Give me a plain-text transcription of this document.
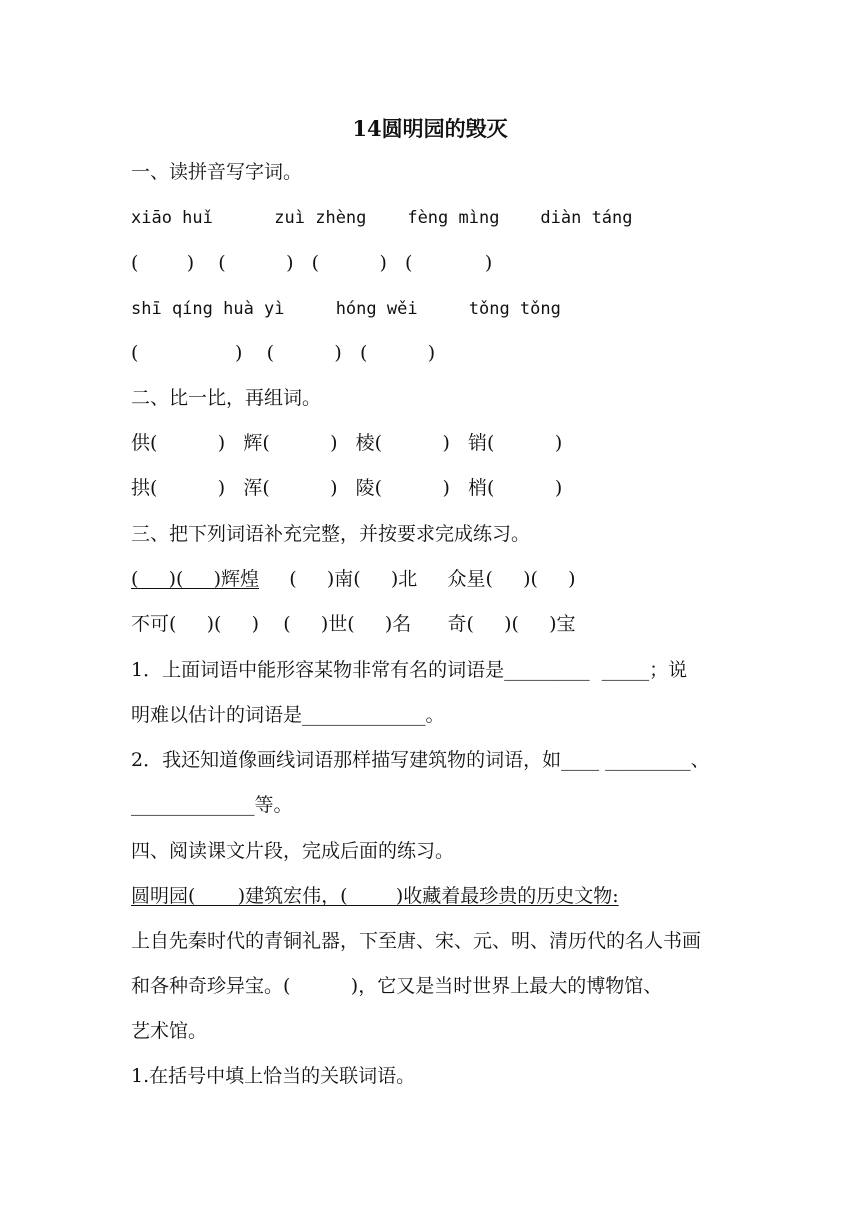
14圆明园的毁灭
一、读拼音写字词。
xiāo huǐ      zuì zhèng    fèng mìng    diàn táng
(        )    (          )   (          )   (            )
shī qíng huà yì     hóng wěi     tǒng tǒng
(                )    (          )   (          )
二、比一比，再组词。
供(          )   辉(          )   棱(          )   销(          )
拱(          )   浑(          )   陵(          )   梢(          )
三、把下列词语补充完整，并按要求完成练习。
(     )(     )辉煌     (     )南(     )北     众星(     )(     )
不可(     )(     )    (     )世(     )名      奇(     )(     )宝
1．上面词语中能形容某物非常有名的词语是_________  _____；说
明难以估计的词语是_____________。
2．我还知道像画线词语那样描写建筑物的词语，如____ _________、
_____________等。
四、阅读课文片段，完成后面的练习。
圆明园(       )建筑宏伟，(        )收藏着最珍贵的历史文物:
上自先秦时代的青铜礼器，下至唐、宋、元、明、清历代的名人书画
和各种奇珍异宝。(          )，它又是当时世界上最大的博物馆、
艺术馆。
1.在括号中填上恰当的关联词语。
